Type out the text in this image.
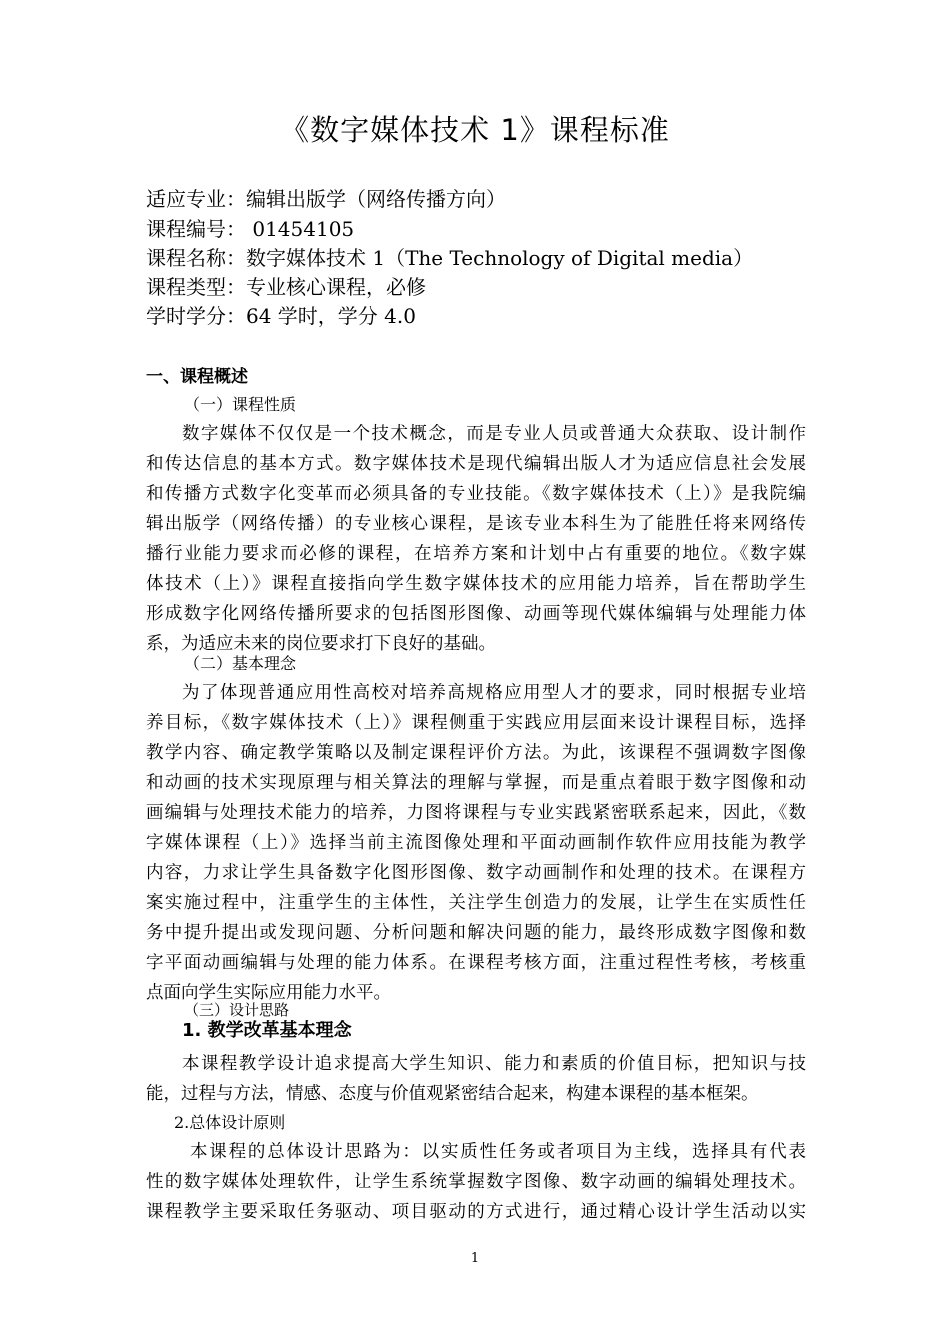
《数字媒体技术 1》课程标准
适应专业：编辑出版学（网络传播方向）
课程编号： 01454105
课程名称：数字媒体技术 1（The Technology of Digital media）
课程类型：专业核心课程，必修
学时学分：64 学时，学分 4.0
一、课程概述
（一）课程性质
数字媒体不仅仅是一个技术概念，而是专业人员或普通大众获取、设计制作
和传达信息的基本方式。数字媒体技术是现代编辑出版人才为适应信息社会发展
和传播方式数字化变革而必须具备的专业技能。《数字媒体技术（上）》是我院编
辑出版学（网络传播）的专业核心课程，是该专业本科生为了能胜任将来网络传
播行业能力要求而必修的课程，在培养方案和计划中占有重要的地位。《数字媒
体技术（上）》课程直接指向学生数字媒体技术的应用能力培养，旨在帮助学生
形成数字化网络传播所要求的包括图形图像、动画等现代媒体编辑与处理能力体
系，为适应未来的岗位要求打下良好的基础。
（二）基本理念
为了体现普通应用性高校对培养高规格应用型人才的要求，同时根据专业培
养目标，《数字媒体技术（上）》课程侧重于实践应用层面来设计课程目标，选择
教学内容、确定教学策略以及制定课程评价方法。为此，该课程不强调数字图像
和动画的技术实现原理与相关算法的理解与掌握，而是重点着眼于数字图像和动
画编辑与处理技术能力的培养，力图将课程与专业实践紧密联系起来，因此，《数
字媒体课程（上）》选择当前主流图像处理和平面动画制作软件应用技能为教学
内容，力求让学生具备数字化图形图像、数字动画制作和处理的技术。在课程方
案实施过程中，注重学生的主体性，关注学生创造力的发展，让学生在实质性任
务中提升提出或发现问题、分析问题和解决问题的能力，最终形成数字图像和数
字平面动画编辑与处理的能力体系。在课程考核方面，注重过程性考核，考核重
点面向学生实际应用能力水平。
（三）设计思路
1. 教学改革基本理念
本课程教学设计追求提高大学生知识、能力和素质的价值目标，把知识与技
能，过程与方法，情感、态度与价值观紧密结合起来，构建本课程的基本框架。
2.总体设计原则
本课程的总体设计思路为：以实质性任务或者项目为主线，选择具有代表
性的数字媒体处理软件，让学生系统掌握数字图像、数字动画的编辑处理技术。
课程教学主要采取任务驱动、项目驱动的方式进行，通过精心设计学生活动以实
1
